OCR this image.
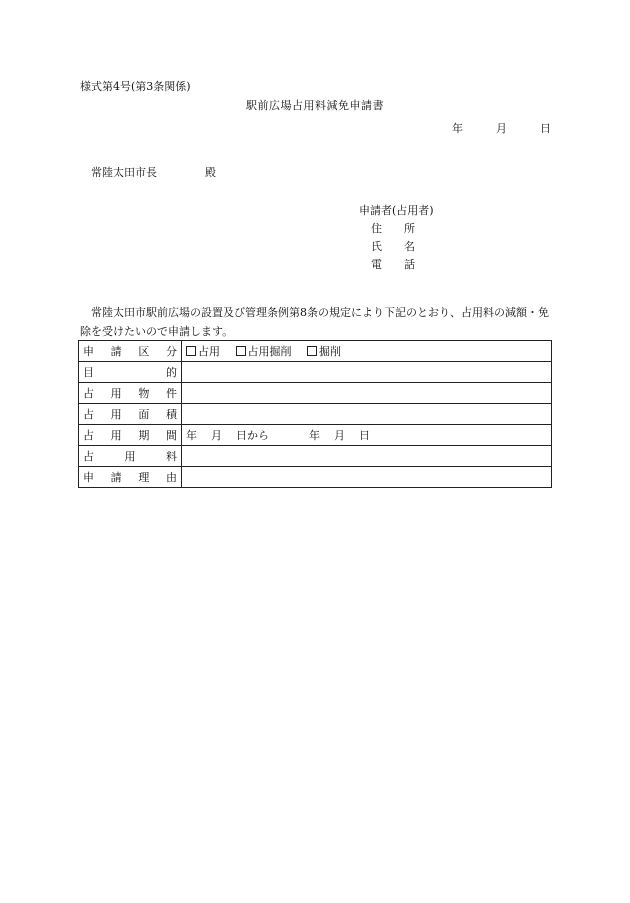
様式第4号(第3条関係)
駅前広場占用料減免申請書
年	月	日
常陸太田市長	殿
申請者(占用者)
住 所
氏 名
電 話
常陸太田市駅前広場の設置及び管理条例第8条の規定により下記のとおり、占用料の減額・免除を受けたいので申請します。
申 請 区 分	占用 占用掘削 掘削

目 的	

占 用 物 件	

占 用 面 積	

占 用 期 間	年 月 日から 年 月 日

占 用 料	

申 請 理 由	
